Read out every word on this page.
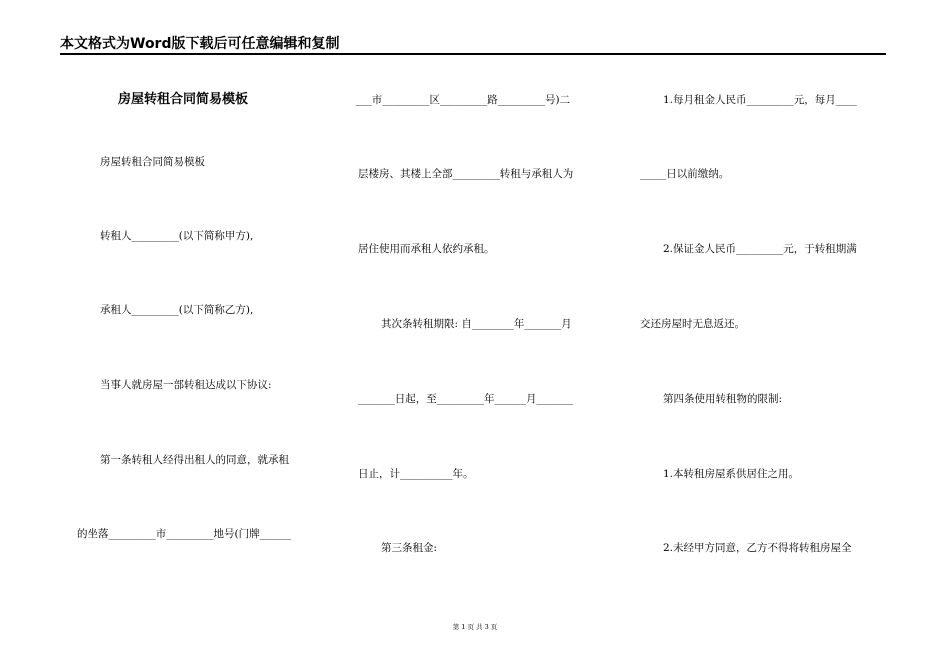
本文格式为Word版下载后可任意编辑和复制
房屋转租合同简易模板

房屋转租合同简易模板

转租人_________(以下简称甲方),

承租人_________(以下简称乙方),

当事人就房屋一部转租达成以下协议:

第一条转租人经得出租人的同意，就承租

的坐落_________市_________地号(门牌______

___市_________区_________路_________号)二

层楼房、其楼上全部_________转租与承租人为

居住使用而承租人依约承租。

其次条转租期限: 自________年_______月

_______日起，至_________年______月_______

日止，计__________年。

第三条租金:

1.每月租金人民币_________元，每月____

_____日以前缴纳。

2.保证金人民币_________元，于转租期满

交还房屋时无息返还。

第四条使用转租物的限制:

1.本转租房屋系供居住之用。

2.未经甲方同意，乙方不得将转租房屋全

第 1 页 共 3 页
